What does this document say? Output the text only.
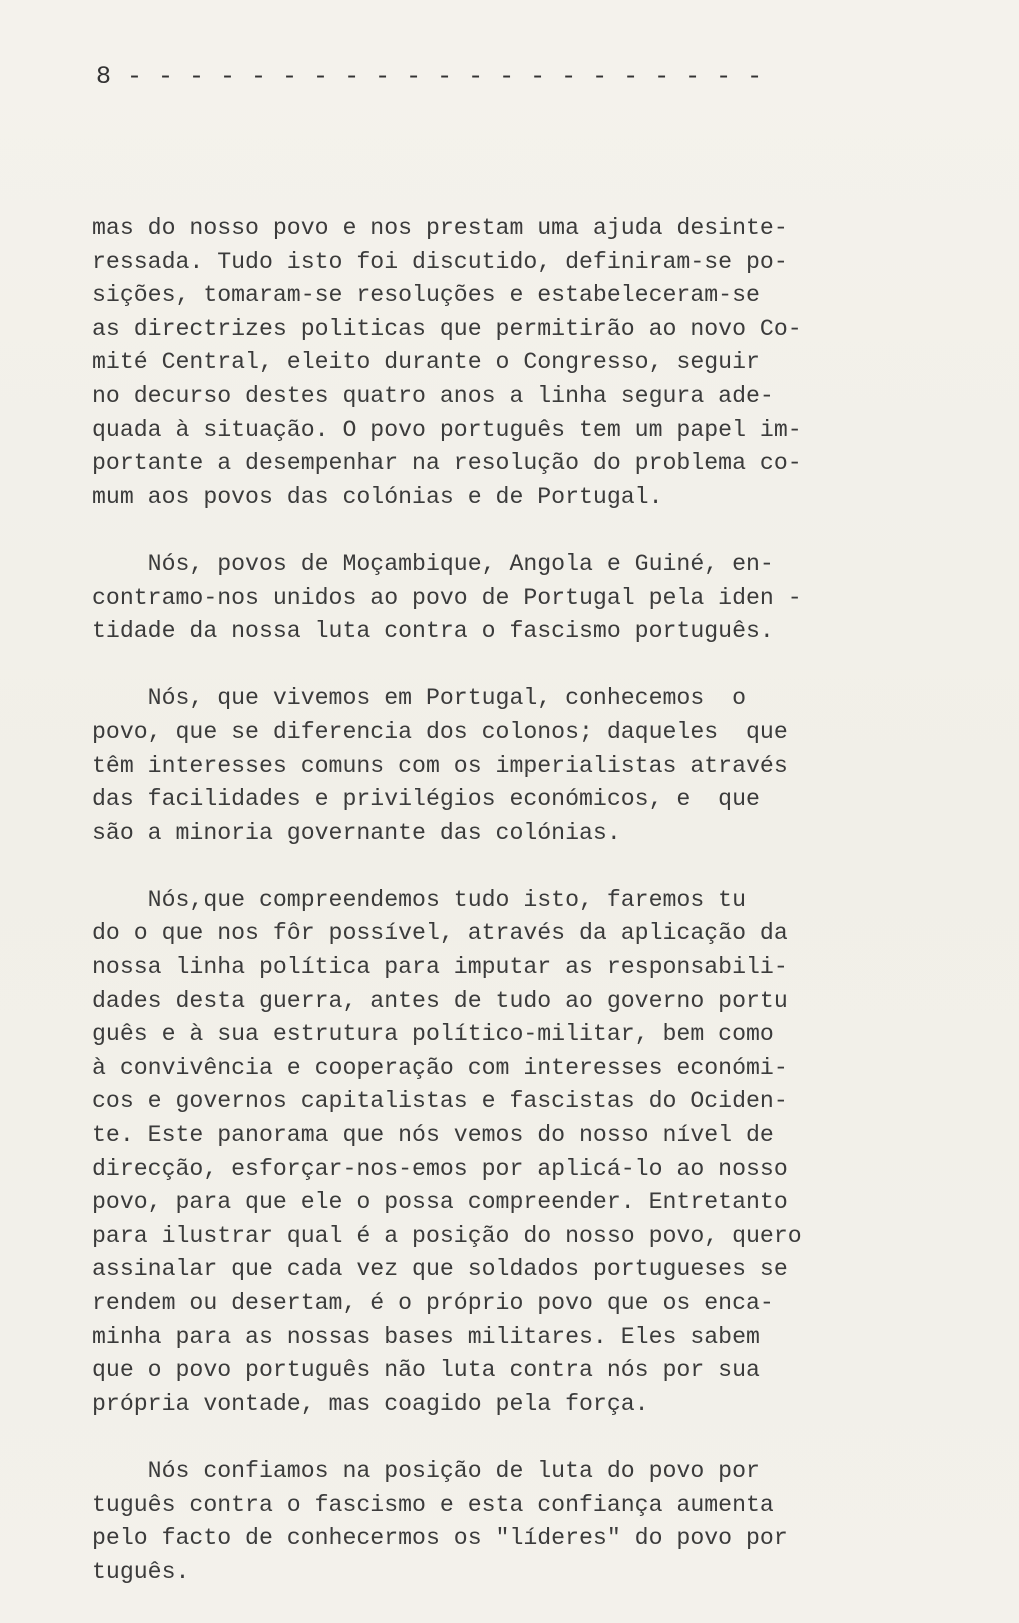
8 - - - - - - - - - - - - - - - - - - - - -
mas do nosso povo e nos prestam uma ajuda desinte-
ressada. Tudo isto foi discutido, definiram-se po-
sições, tomaram-se resoluções e estabeleceram-se
as directrizes politicas que permitirão ao novo Co-
mité Central, eleito durante o Congresso, seguir
no decurso destes quatro anos a linha segura ade-
quada à situação. O povo português tem um papel im-
portante a desempenhar na resolução do problema co-
mum aos povos das colónias e de Portugal.
Nós, povos de Moçambique, Angola e Guiné, en-
contramo-nos unidos ao povo de Portugal pela iden -
tidade da nossa luta contra o fascismo português.
Nós, que vivemos em Portugal, conhecemos  o
povo, que se diferencia dos colonos; daqueles  que
têm interesses comuns com os imperialistas através
das facilidades e privilégios económicos, e  que
são a minoria governante das colónias.
Nós,que compreendemos tudo isto, faremos tu
do o que nos fôr possível, através da aplicação da
nossa linha política para imputar as responsabili-
dades desta guerra, antes de tudo ao governo portu
guês e à sua estrutura político-militar, bem como
à convivência e cooperação com interesses económi-
cos e governos capitalistas e fascistas do Ociden-
te. Este panorama que nós vemos do nosso nível de
direcção, esforçar-nos-emos por aplicá-lo ao nosso
povo, para que ele o possa compreender. Entretanto
para ilustrar qual é a posição do nosso povo, quero
assinalar que cada vez que soldados portugueses se
rendem ou desertam, é o próprio povo que os enca-
minha para as nossas bases militares. Eles sabem
que o povo português não luta contra nós por sua
própria vontade, mas coagido pela força.
Nós confiamos na posição de luta do povo por
tuguês contra o fascismo e esta confiança aumenta
pelo facto de conhecermos os "líderes" do povo por
tuguês.
